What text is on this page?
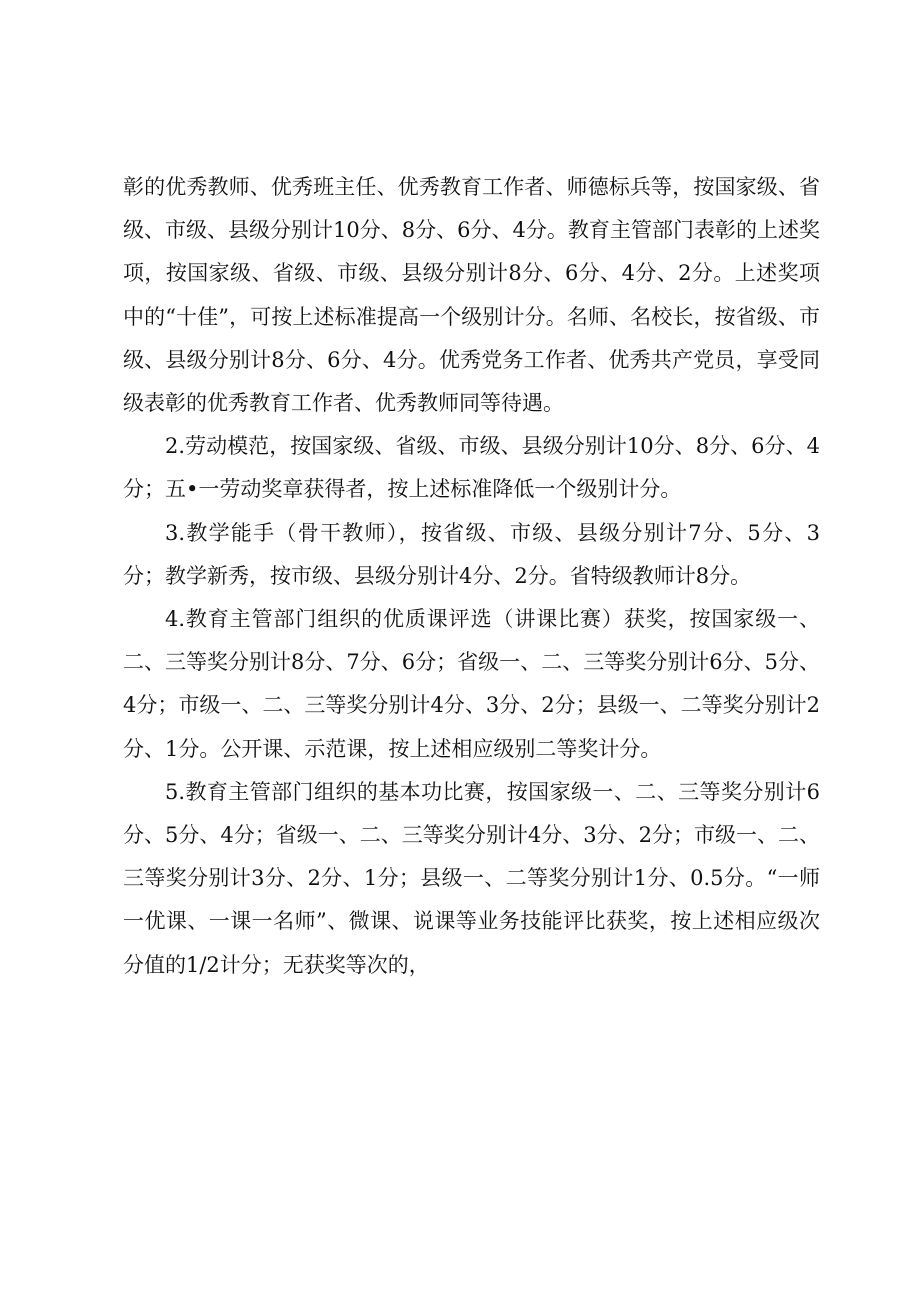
彰的优秀教师、优秀班主任、优秀教育工作者、师德标兵等，按国家级、省级、市级、县级分别计10分、8分、6分、4分。教育主管部门表彰的上述奖项，按国家级、省级、市级、县级分别计8分、6分、4分、2分。上述奖项中的“十佳”，可按上述标准提高一个级别计分。名师、名校长，按省级、市级、县级分别计8分、6分、4分。优秀党务工作者、优秀共产党员，享受同级表彰的优秀教育工作者、优秀教师同等待遇。

2.劳动模范，按国家级、省级、市级、县级分别计10分、8分、6分、4分；五•一劳动奖章获得者，按上述标准降低一个级别计分。

3.教学能手（骨干教师），按省级、市级、县级分别计7分、5分、3分；教学新秀，按市级、县级分别计4分、2分。省特级教师计8分。

4.教育主管部门组织的优质课评选（讲课比赛）获奖，按国家级一、二、三等奖分别计8分、7分、6分；省级一、二、三等奖分别计6分、5分、4分；市级一、二、三等奖分别计4分、3分、2分；县级一、二等奖分别计2分、1分。公开课、示范课，按上述相应级别二等奖计分。

5.教育主管部门组织的基本功比赛，按国家级一、二、三等奖分别计6分、5分、4分；省级一、二、三等奖分别计4分、3分、2分；市级一、二、三等奖分别计3分、2分、1分；县级一、二等奖分别计1分、0.5分。“一师一优课、一课一名师”、微课、说课等业务技能评比获奖，按上述相应级次分值的1/2计分；无获奖等次的，
